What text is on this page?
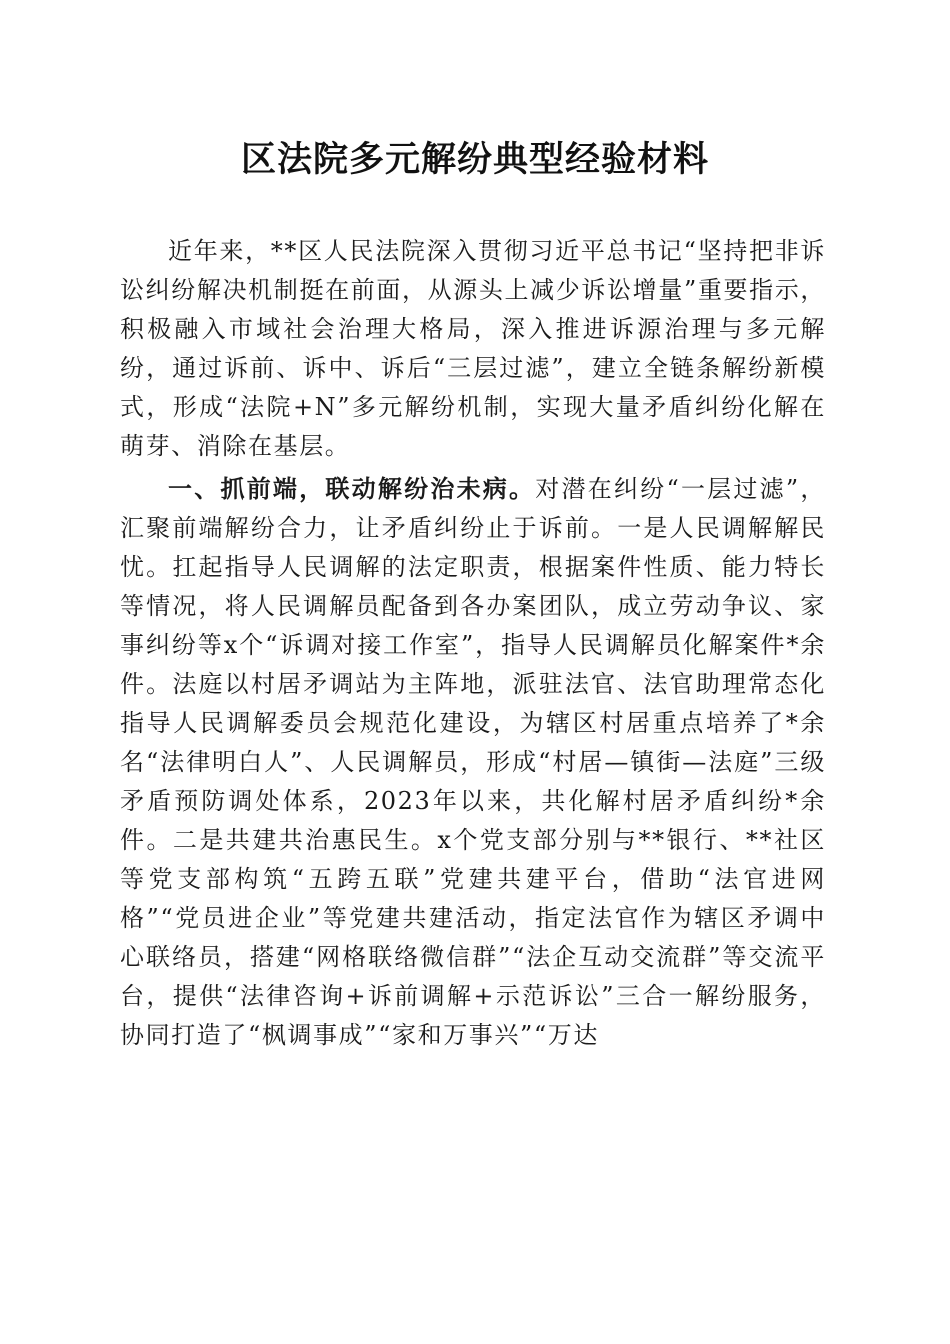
区法院多元解纷典型经验材料

近年来，**区人民法院深入贯彻习近平总书记“坚持把非诉讼纠纷解决机制挺在前面，从源头上减少诉讼增量”重要指示，积极融入市域社会治理大格局，深入推进诉源治理与多元解纷，通过诉前、诉中、诉后“三层过滤”，建立全链条解纷新模式，形成“法院+N”多元解纷机制，实现大量矛盾纠纷化解在萌芽、消除在基层。

一、抓前端，联动解纷治未病。对潜在纠纷“一层过滤”，汇聚前端解纷合力，让矛盾纠纷止于诉前。一是人民调解解民忧。扛起指导人民调解的法定职责，根据案件性质、能力特长等情况，将人民调解员配备到各办案团队，成立劳动争议、家事纠纷等x个“诉调对接工作室”，指导人民调解员化解案件*余件。法庭以村居矛调站为主阵地，派驻法官、法官助理常态化指导人民调解委员会规范化建设，为辖区村居重点培养了*余名“法律明白人”、人民调解员，形成“村居—镇街—法庭”三级矛盾预防调处体系，2023年以来，共化解村居矛盾纠纷*余件。二是共建共治惠民生。x个党支部分别与**银行、**社区等党支部构筑“五跨五联”党建共建平台，借助“法官进网格”“党员进企业”等党建共建活动，指定法官作为辖区矛调中心联络员，搭建“网格联络微信群”“法企互动交流群”等交流平台，提供“法律咨询+诉前调解+示范诉讼”三合一解纷服务，协同打造了“枫调事成”“家和万事兴”“万达
